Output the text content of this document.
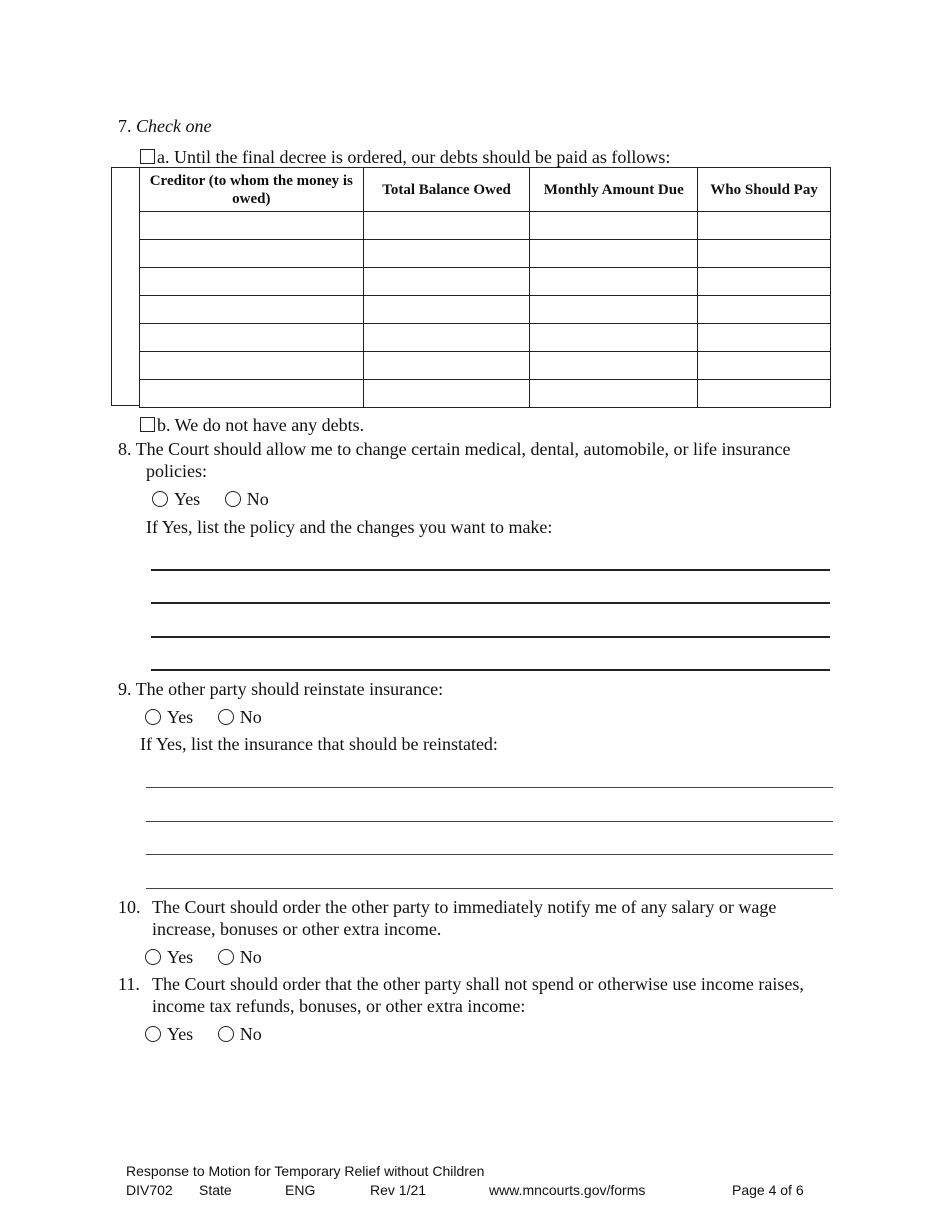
7. Check one
a. Until the final decree is ordered, our debts should be paid as follows:
Creditor (to whom the money is owed)	Total Balance Owed	Monthly Amount Due	Who Should Pay

b. We do not have any debts.
8. The Court should allow me to change certain medical, dental, automobile, or life insurance
policies:
Yes	No
If Yes, list the policy and the changes you want to make:
9. The other party should reinstate insurance:
Yes	No
If Yes, list the insurance that should be reinstated:
10. The Court should order the other party to immediately notify me of any salary or wage
increase, bonuses or other extra income.
Yes	No
11. The Court should order that the other party shall not spend or otherwise use income raises,
income tax refunds, bonuses, or other extra income:
Yes	No
Response to Motion for Temporary Relief without Children
DIV702 State	ENG	Rev 1/21	www.mncourts.gov/forms	Page 4 of 6
